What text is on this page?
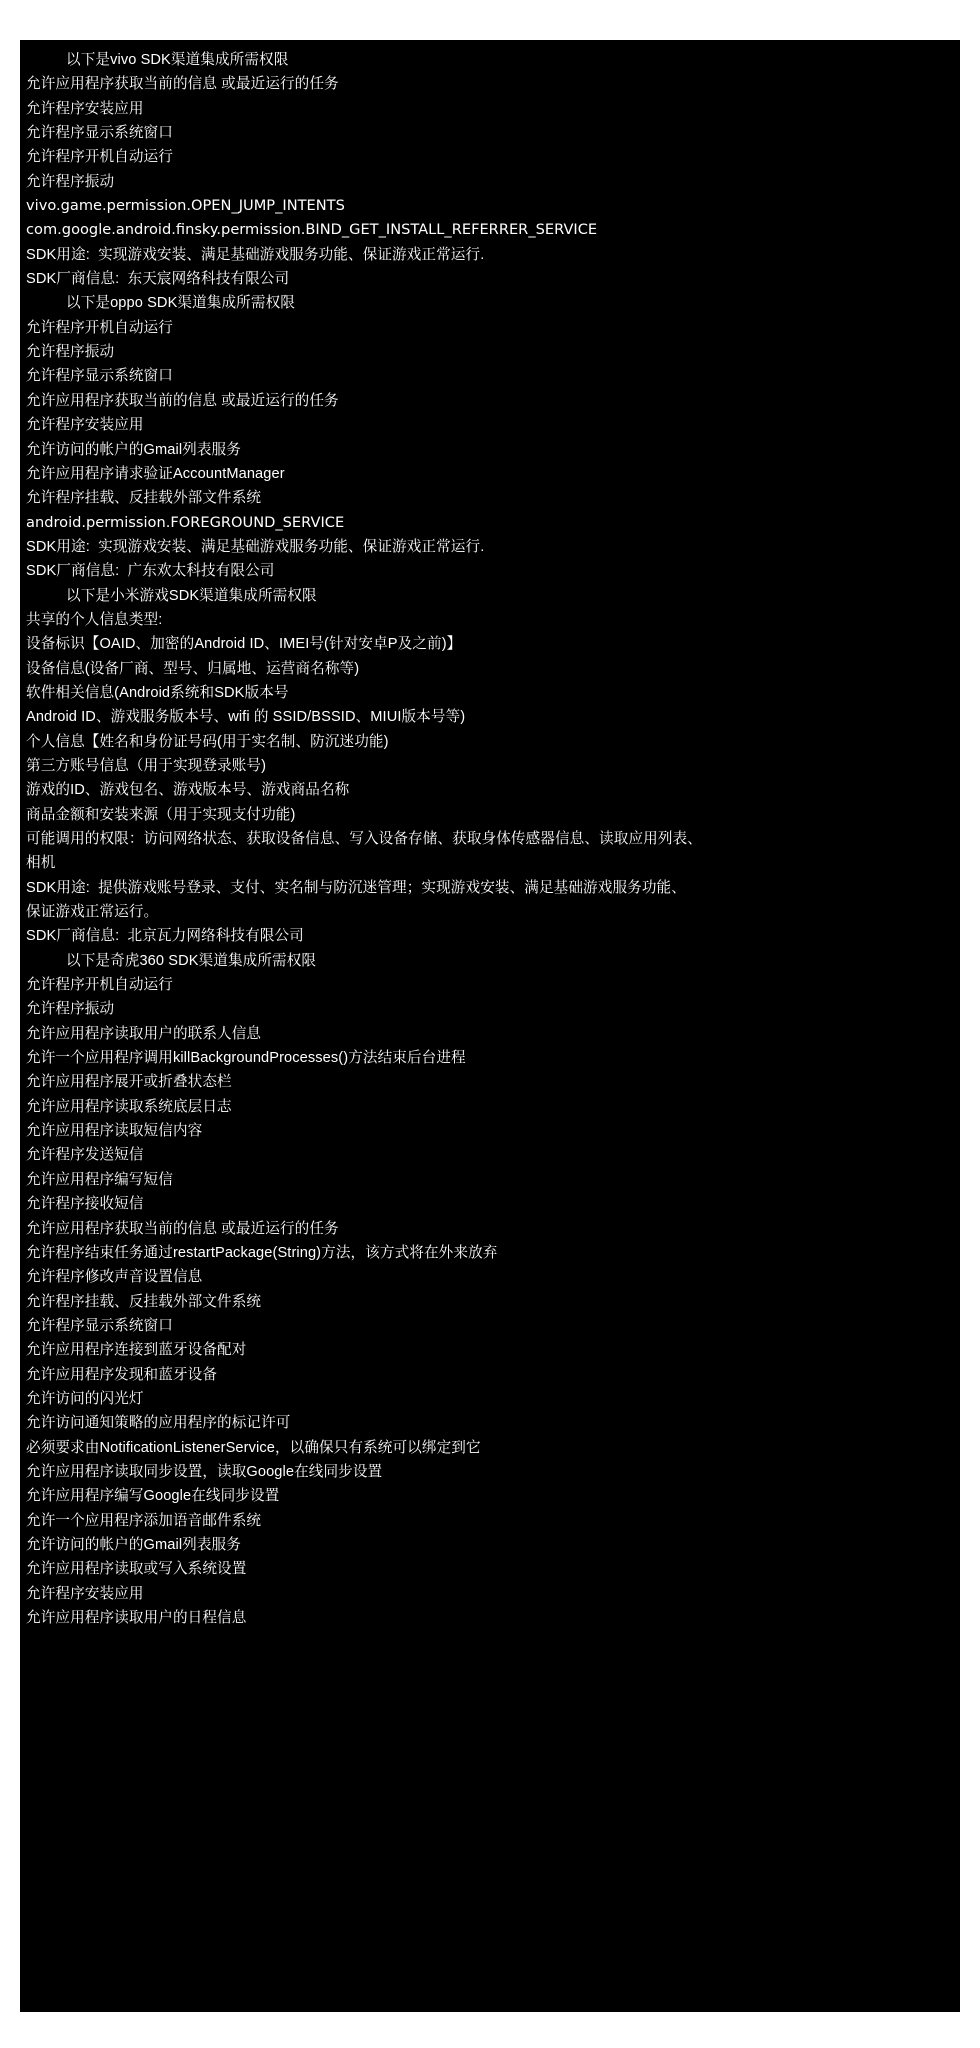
以下是vivo SDK渠道集成所需权限
允许应用程序获取当前的信息 或最近运行的任务
允许程序安装应用
允许程序显示系统窗口
允许程序开机自动运行
允许程序振动
vivo.game.permission.OPEN_JUMP_INTENTS
com.google.android.finsky.permission.BIND_GET_INSTALL_REFERRER_SERVICE
SDK用途:  实现游戏安装、满足基础游戏服务功能、保证游戏正常运行.
SDK厂商信息:  东天宸网络科技有限公司
以下是oppo SDK渠道集成所需权限
允许程序开机自动运行
允许程序振动
允许程序显示系统窗口
允许应用程序获取当前的信息 或最近运行的任务
允许程序安装应用
允许访问的帐户的Gmail列表服务
允许应用程序请求验证AccountManager
允许程序挂载、反挂载外部文件系统
android.permission.FOREGROUND_SERVICE
SDK用途:  实现游戏安装、满足基础游戏服务功能、保证游戏正常运行.
SDK厂商信息:  广东欢太科技有限公司
以下是小米游戏SDK渠道集成所需权限
共享的个人信息类型:
设备标识【OAID、加密的Android ID、IMEI号(针对安卓P及之前)】
设备信息(设备厂商、型号、归属地、运营商名称等)
软件相关信息(Android系统和SDK版本号
Android ID、游戏服务版本号、wifi 的 SSID/BSSID、MIUI版本号等)
个人信息【姓名和身份证号码(用于实名制、防沉迷功能)
第三方账号信息（用于实现登录账号)
游戏的ID、游戏包名、游戏版本号、游戏商品名称
商品金额和安装来源（用于实现支付功能)
可能调用的权限：访问网络状态、获取设备信息、写入设备存储、获取身体传感器信息、读取应用列表、
相机
SDK用途:  提供游戏账号登录、支付、实名制与防沉迷管理；实现游戏安装、满足基础游戏服务功能、
保证游戏正常运行。
SDK厂商信息:  北京瓦力网络科技有限公司
以下是奇虎360 SDK渠道集成所需权限
允许程序开机自动运行
允许程序振动
允许应用程序读取用户的联系人信息
允许一个应用程序调用killBackgroundProcesses()方法结束后台进程
允许应用程序展开或折叠状态栏
允许应用程序读取系统底层日志
允许应用程序读取短信内容
允许程序发送短信
允许应用程序编写短信
允许程序接收短信
允许应用程序获取当前的信息 或最近运行的任务
允许程序结束任务通过restartPackage(String)方法，该方式将在外来放弃
允许程序修改声音设置信息
允许程序挂载、反挂载外部文件系统
允许程序显示系统窗口
允许应用程序连接到蓝牙设备配对
允许应用程序发现和蓝牙设备
允许访问的闪光灯
允许访问通知策略的应用程序的标记许可
必须要求由NotificationListenerService，以确保只有系统可以绑定到它
允许应用程序读取同步设置，读取Google在线同步设置
允许应用程序编写Google在线同步设置
允许一个应用程序添加语音邮件系统
允许访问的帐户的Gmail列表服务
允许应用程序读取或写入系统设置
允许程序安装应用
允许应用程序读取用户的日程信息
